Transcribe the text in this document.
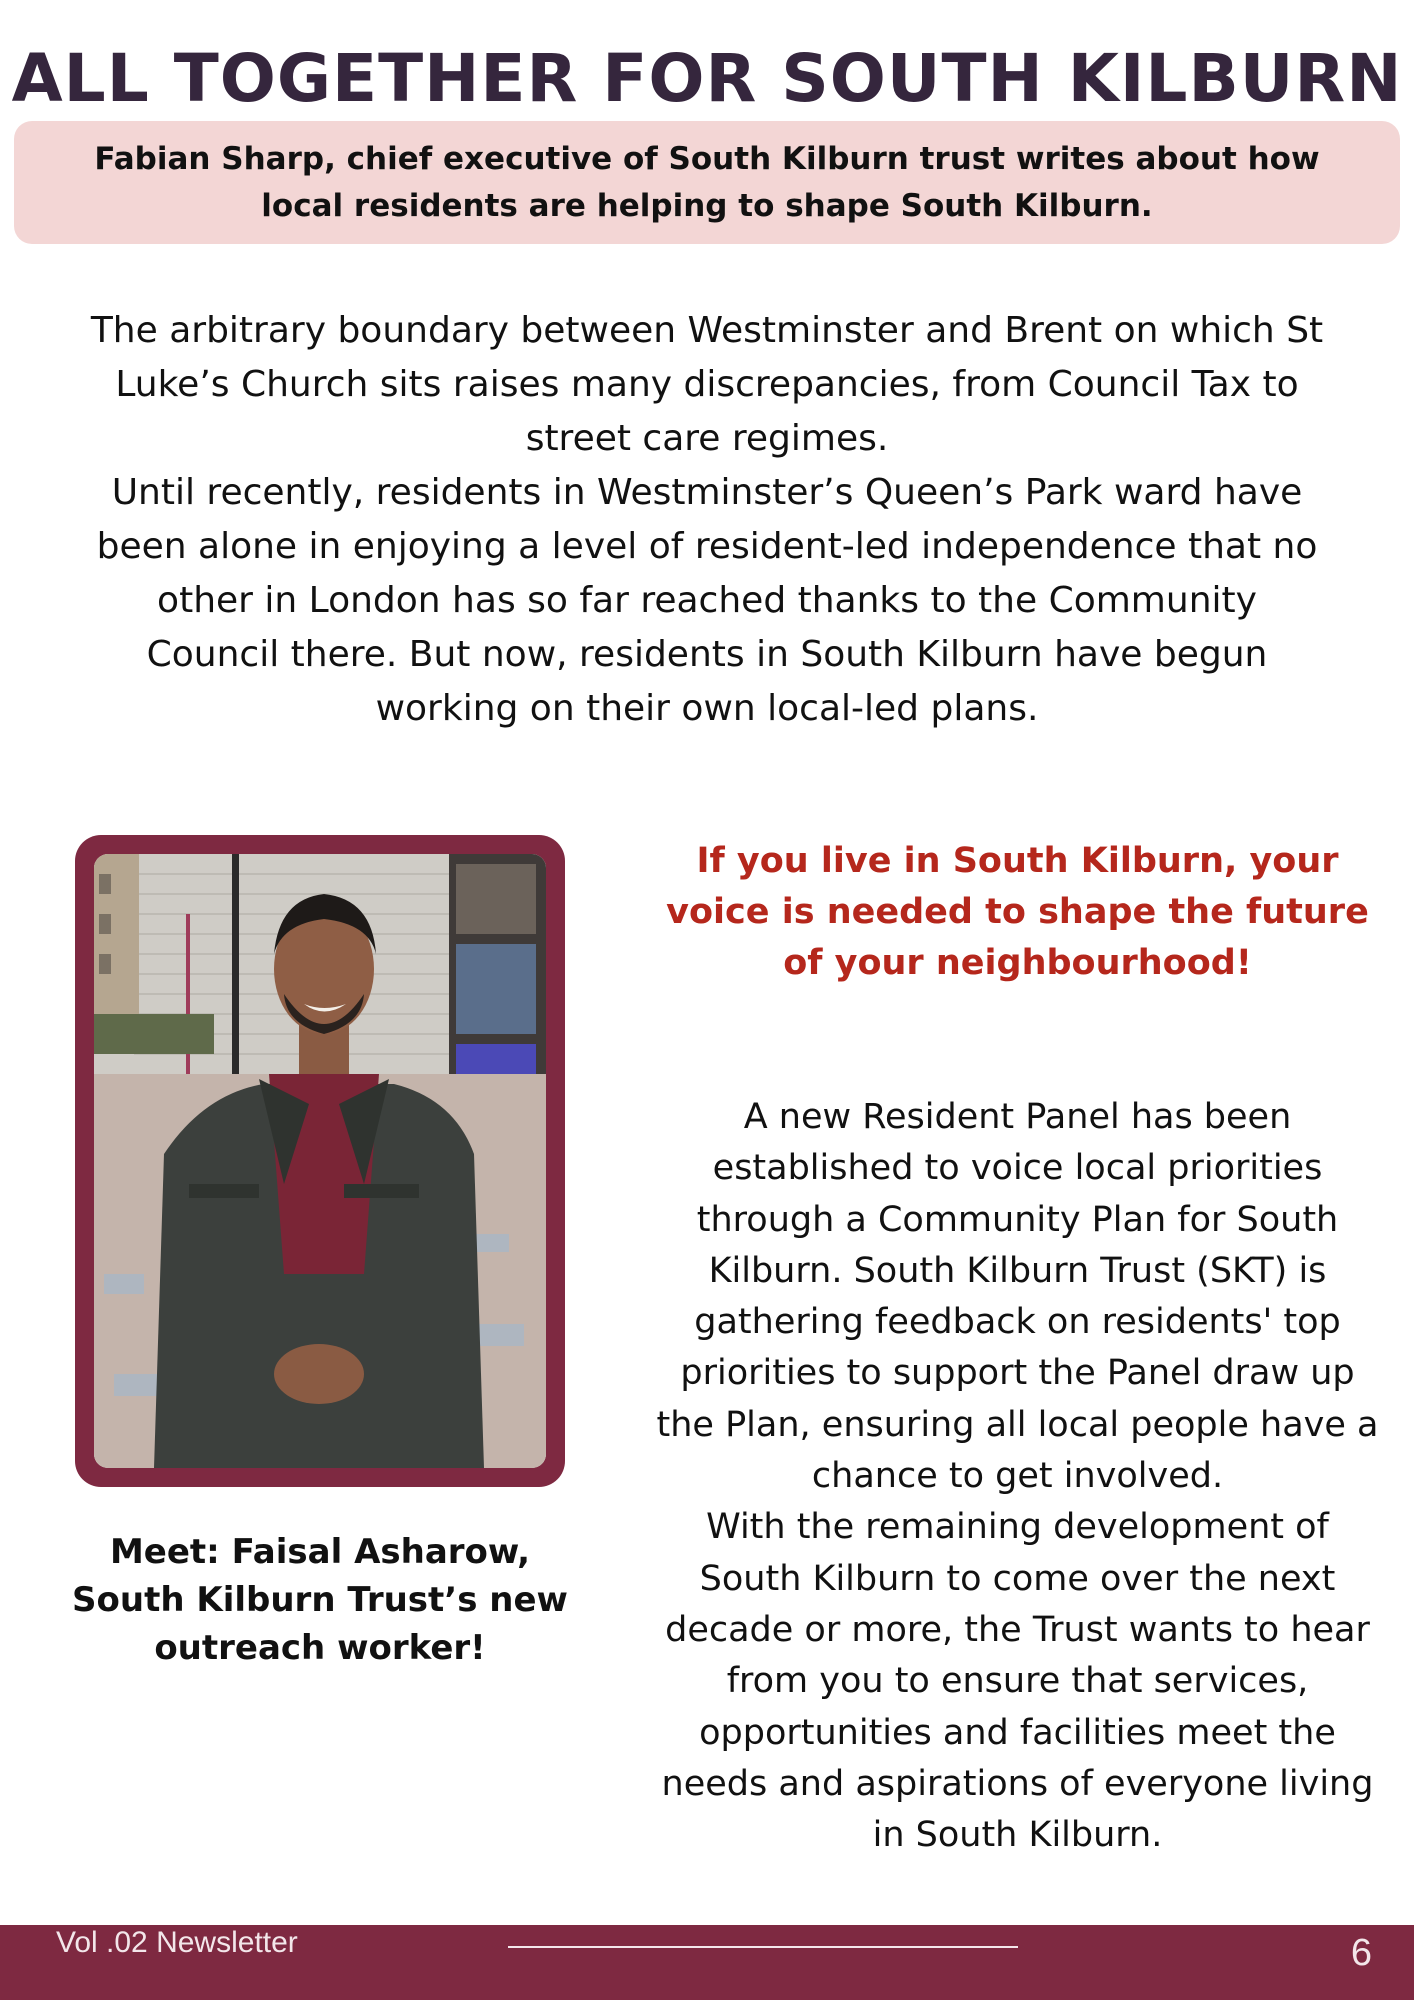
ALL TOGETHER FOR SOUTH KILBURN
Fabian Sharp, chief executive of South Kilburn trust writes about how local residents are helping to shape South Kilburn.

The arbitrary boundary between Westminster and Brent on which St Luke’s Church sits raises many discrepancies, from Council Tax to street care regimes.

Until recently, residents in Westminster’s Queen’s Park ward have been alone in enjoying a level of resident-led independence that no other in London has so far reached thanks to the Community Council there. But now, residents in South Kilburn have begun working on their own local-led plans.

Meet: Faisal Asharow, South Kilburn Trust’s new outreach worker!
If you live in South Kilburn, your voice is needed to shape the future of your neighbourhood!

A new Resident Panel has been established to voice local priorities through a Community Plan for South Kilburn. South Kilburn Trust (SKT) is gathering feedback on residents' top priorities to support the Panel draw up the Plan, ensuring all local people have a chance to get involved.

With the remaining development of South Kilburn to come over the next decade or more, the Trust wants to hear from you to ensure that services, opportunities and facilities meet the needs and aspirations of everyone living in South Kilburn.

Vol .02 Newsletter	6
